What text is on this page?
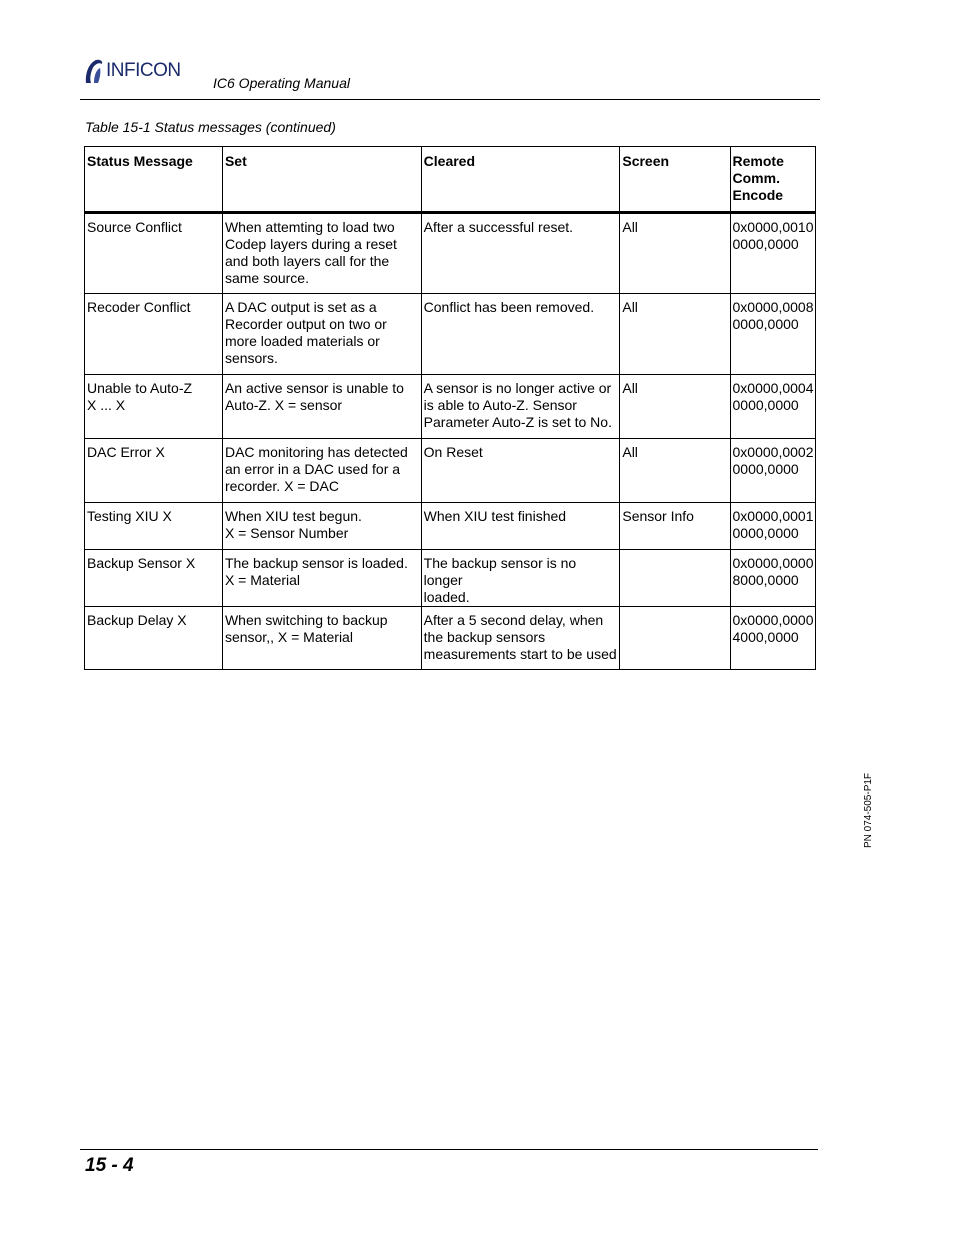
INFICON
IC6 Operating Manual
Table 15-1 Status messages (continued)
Status Message	Set	Cleared	Screen	Remote
Comm.
Encode

Source Conflict	When attemting to load two
Codep layers during a reset
and both layers call for the
same source.	After a successful reset.	All	0x0000,0010
0000,0000

Recoder Conflict	A DAC output is set as a
Recorder output on two or
more loaded materials or
sensors.	Conflict has been removed.	All	0x0000,0008
0000,0000

Unable to Auto-Z
X ... X	An active sensor is unable to
Auto-Z. X = sensor	A sensor is no longer active or
is able to Auto-Z. Sensor
Parameter Auto-Z is set to No.	All	0x0000,0004
0000,0000

DAC Error X	DAC monitoring has detected
an error in a DAC used for a
recorder. X = DAC	On Reset	All	0x0000,0002
0000,0000

Testing XIU X	When XIU test begun.
X = Sensor Number	When XIU test finished	Sensor Info	0x0000,0001
0000,0000

Backup Sensor X	The backup sensor is loaded.
X = Material	The backup sensor is no longer
loaded.		0x0000,0000
8000,0000

Backup Delay X	When switching to backup
sensor,, X = Material	After a 5 second delay, when
the backup sensors
measurements start to be used		0x0000,0000
4000,0000
PN 074-505-P1F
15 - 4
